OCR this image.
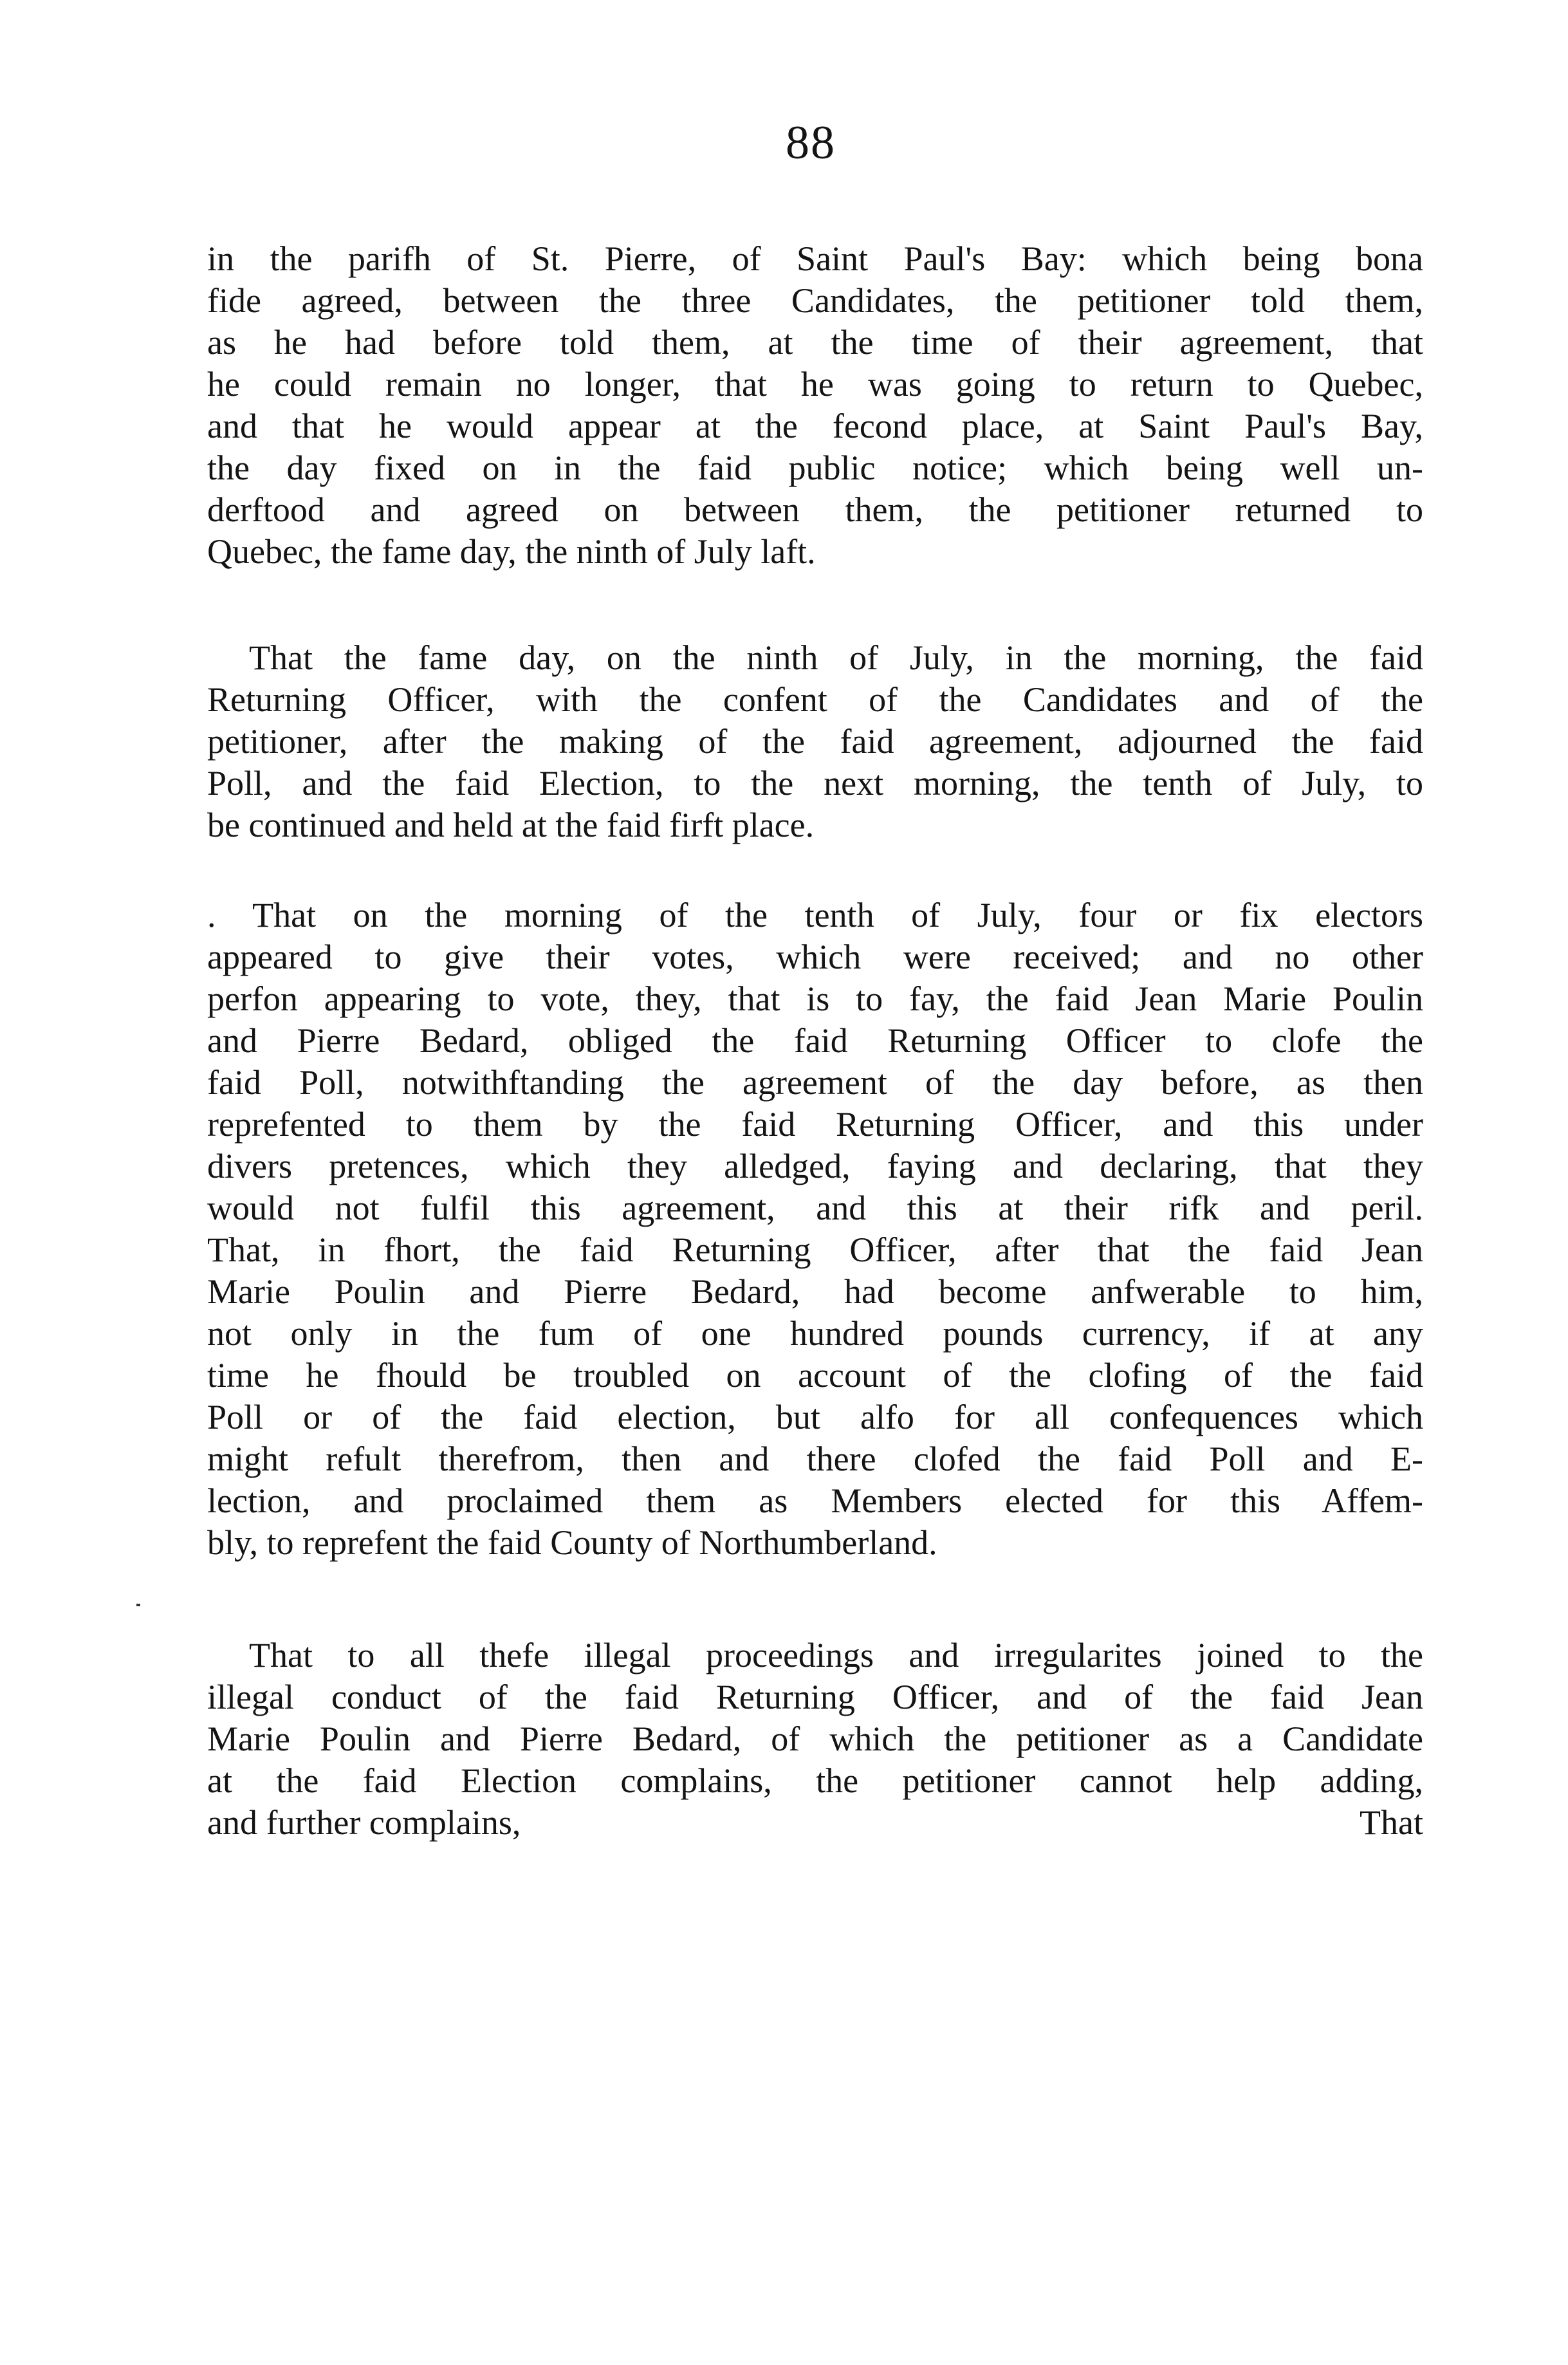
88
in the parifh of St. Pierre, of Saint Paul's Bay: which being bona
fide agreed, between the three Candidates, the petitioner told them,
as he had before told them, at the time of their agreement, that
he could remain no longer, that he was going to return to Quebec,
and that he would appear at the fecond place, at Saint Paul's Bay,
the day fixed on in the faid public notice; which being well un-
derftood and agreed on between them, the petitioner returned to
Quebec, the fame day, the ninth of July laft.
That the fame day, on the ninth of July, in the morning, the faid
Returning Officer, with the confent of the Candidates and of the
petitioner, after the making of the faid agreement, adjourned the faid
Poll, and the faid Election, to the next morning, the tenth of July, to
be continued and held at the faid firft place.
. That on the morning of the tenth of July, four or fix electors
appeared to give their votes, which were received; and no other
perfon appearing to vote, they, that is to fay, the faid Jean Marie Poulin
and Pierre Bedard, obliged the faid Returning Officer to clofe the
faid Poll, notwithftanding the agreement of the day before, as then
reprefented to them by the faid Returning Officer, and this under
divers pretences, which they alledged, faying and declaring, that they
would not fulfil this agreement, and this at their rifk and peril.
That, in fhort, the faid Returning Officer, after that the faid Jean
Marie Poulin and Pierre Bedard, had become anfwerable to him,
not only in the fum of one hundred pounds currency, if at any
time he fhould be troubled on account of the clofing of the faid
Poll or of the faid election, but alfo for all confequences which
might refult therefrom, then and there clofed the faid Poll and E-
lection, and proclaimed them as Members elected for this Affem-
bly, to reprefent the faid County of Northumberland.
That to all thefe illegal proceedings and irregularites joined to the
illegal conduct of the faid Returning Officer, and of the faid Jean
Marie Poulin and Pierre Bedard, of which the petitioner as a Candidate
at the faid Election complains, the petitioner cannot help adding,
and further complains,	That
